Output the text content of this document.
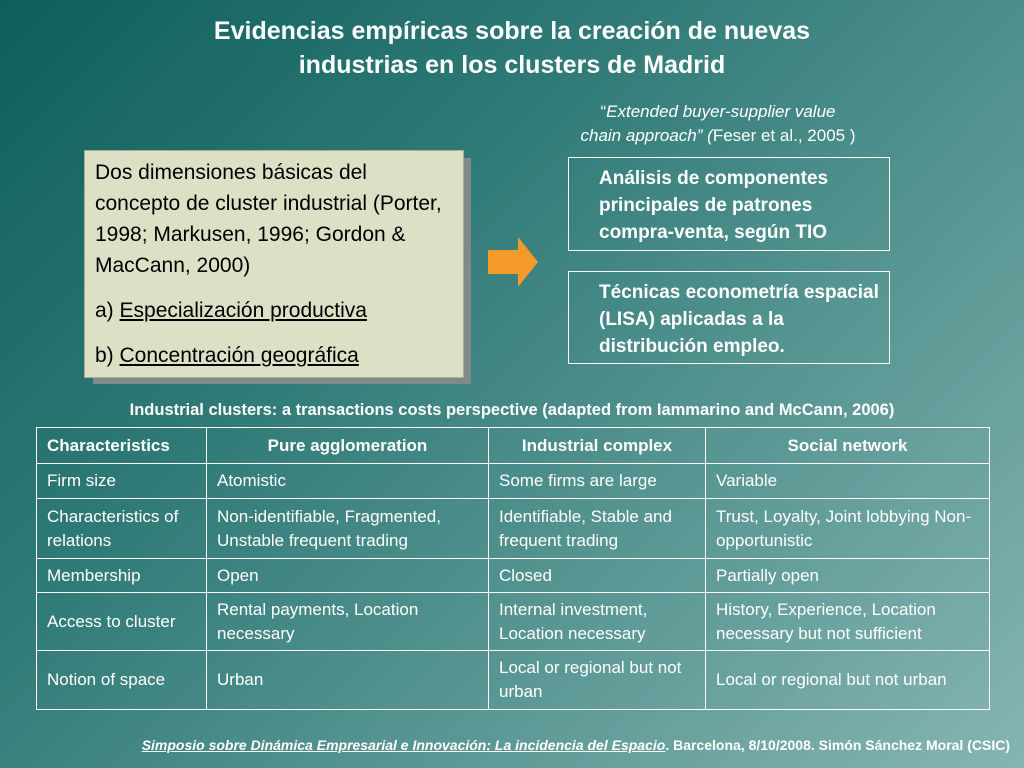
Evidencias empíricas sobre la creación de nuevas
industrias en los clusters de Madrid
“Extended buyer-supplier value
chain approach” (Feser et al., 2005 )

Dos dimensiones básicas del concepto de cluster industrial (Porter, 1998; Markusen, 1996; Gordon & MacCann, 2000)

a) Especialización productiva

b) Concentración geográfica

Análisis de componentes principales de patrones compra-venta, según TIO
Técnicas econometría espacial (LISA) aplicadas a la distribución empleo.
Industrial clusters: a transactions costs perspective (adapted from Iammarino and McCann, 2006)
Characteristics	Pure agglomeration	Industrial complex	Social network
Firm size	Atomistic	Some firms are large	Variable
Characteristics of relations	Non-identifiable, Fragmented, Unstable frequent trading	Identifiable, Stable and frequent trading	Trust, Loyalty, Joint lobbying Non-opportunistic
Membership	Open	Closed	Partially open
Access to cluster	Rental payments, Location necessary	Internal investment, Location necessary	History, Experience, Location necessary but not sufficient
Notion of space	Urban	Local or regional but not urban	Local or regional but not urban
Simposio sobre Dinámica Empresarial e Innovación: La incidencia del Espacio. Barcelona, 8/10/2008. Simón Sánchez Moral (CSIC)
